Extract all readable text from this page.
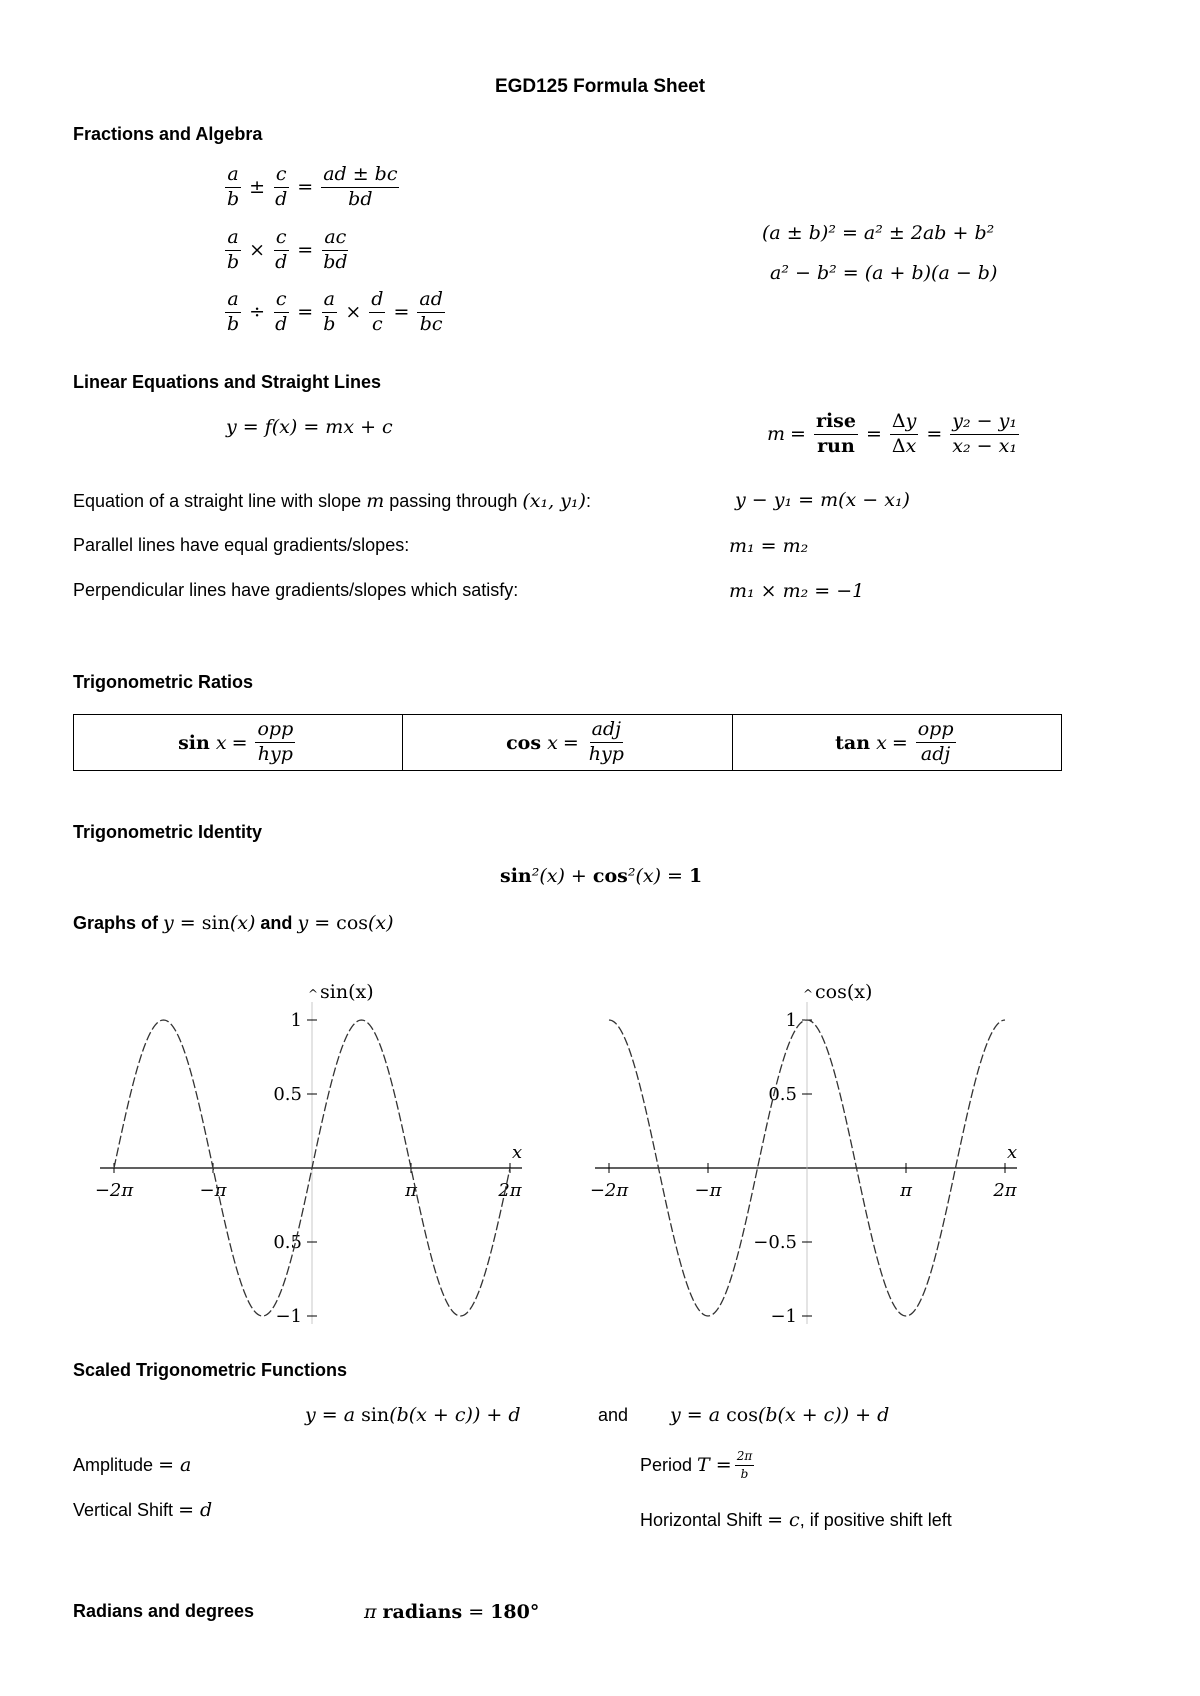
EGD125 Formula Sheet
Fractions and Algebra
$\frac{a}{b} \pm \frac{c}{d} = \frac{ad \pm bc}{bd}$
$\frac{a}{b} \times \frac{c}{d} = \frac{ac}{bd}$
$\frac{a}{b} \div \frac{c}{d} = \frac{a}{b} \times \frac{d}{c} = \frac{ad}{bc}$
(a ± b)² = a² ± 2ab + b²
a² − b² = (a + b)(a − b)
Linear Equations and Straight Lines
y = f(x) = mx + c	$m = \frac{\text{rise}}{\text{run}} = \frac{\Delta y}{\Delta x} = \frac{\text{y₂ − y₁}}{\text{x₂ − x₁}}$
Equation of a straight line with slope m passing through (x₁, y₁):	y − y₁ = m(x − x₁)
Parallel lines have equal gradients/slopes:	m₁ = m₂
Perpendicular lines have gradients/slopes which satisfy:	m₁ × m₂ = −1
Trigonometric Ratios
$\sin x = \frac{\text{opp}}{\text{hyp}}$	$\cos x = \frac{\text{adj}}{\text{hyp}}$	$\tan x = \frac{\text{opp}}{\text{adj}}$
Trigonometric Identity
sin²(x) + cos²(x) = 1
Graphs of y = sin(x) and y = cos(x)
^
−2π	−π	π	2π
1
0.5
0.5
−1
x
sin(x)	^
−2π	−π	π	2π
1
0.5
−0.5
−1
x
cos(x)
Scaled Trigonometric Functions
y = a sin(b(x + c)) + d	and y = a cos(b(x + c)) + d
Amplitude = a
Vertical Shift = d
Period
$T = \frac{2\pi}{b}$
Horizontal Shift = c, if positive shift left
Radians and degrees	π radians = 180°
